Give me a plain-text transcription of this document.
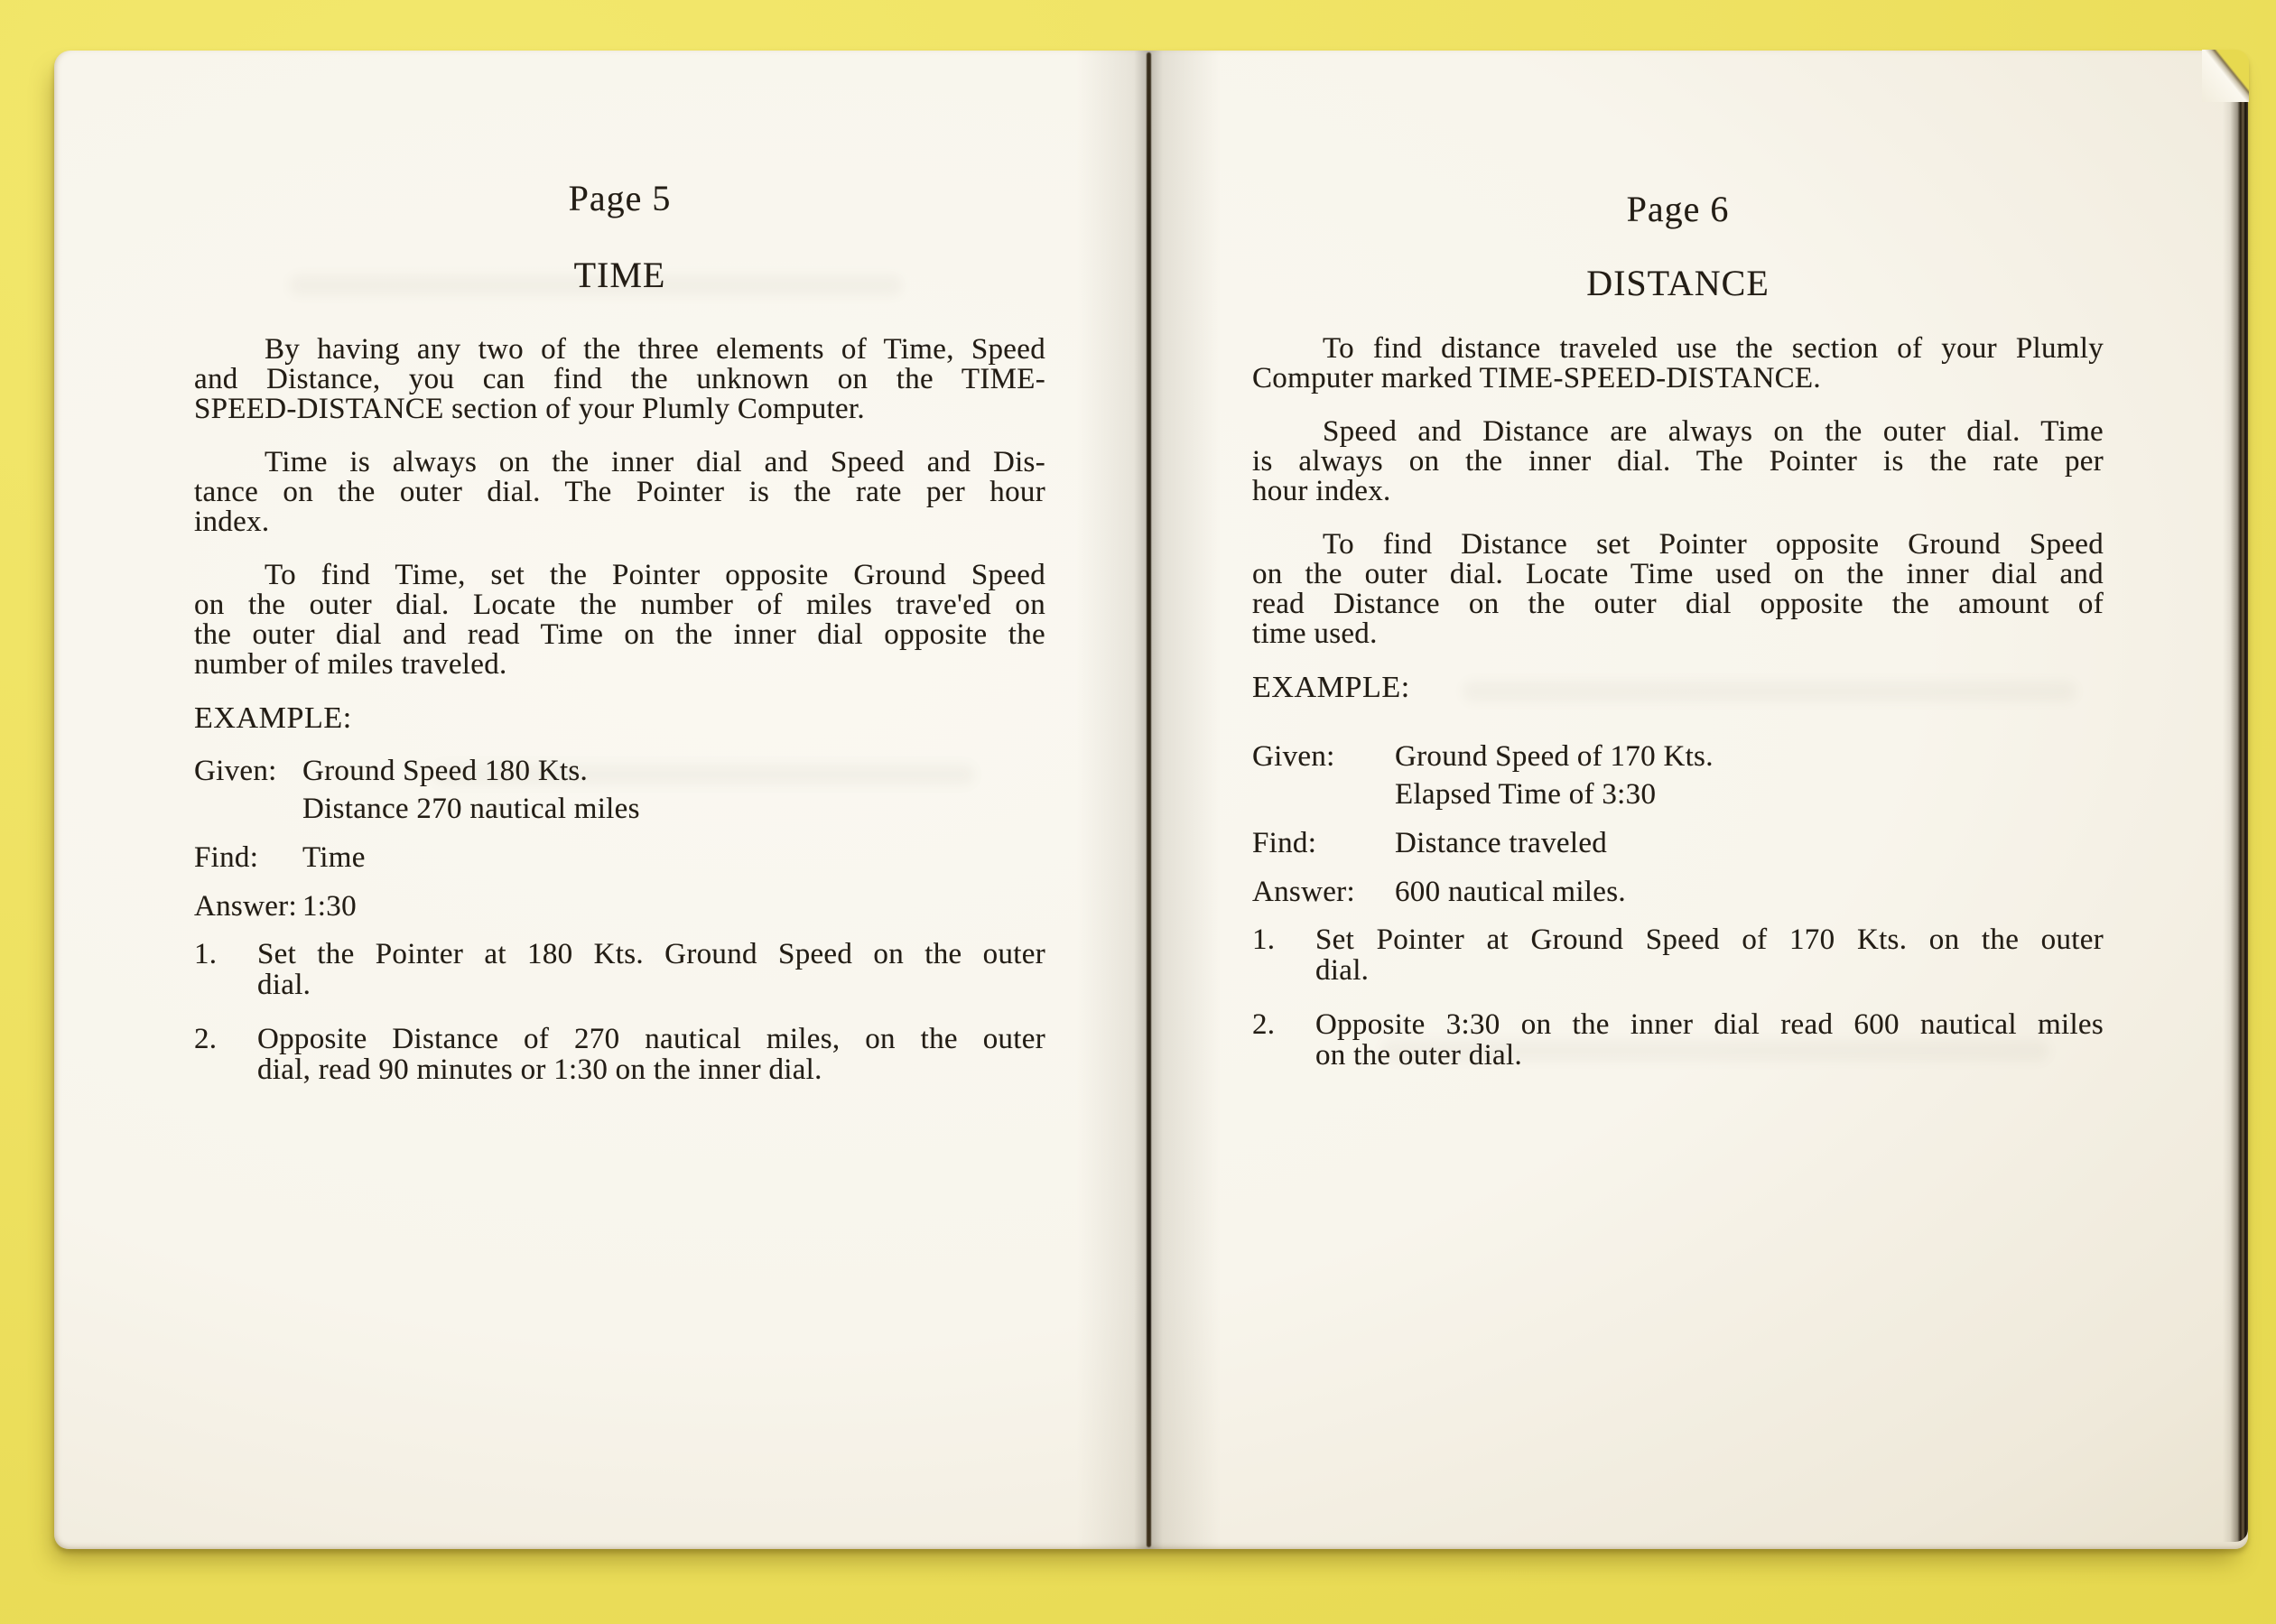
Page 5
TIME

By having any two of the three elements of Time, Speed
and Distance, you can find the unknown on the TIME-
SPEED-DISTANCE section of your Plumly Computer.

Time is always on the inner dial and Speed and Dis-
tance on the outer dial. The Pointer is the rate per hour
index.

To find Time, set the Pointer opposite Ground Speed
on the outer dial. Locate the number of miles trave'ed on
the outer dial and read Time on the inner dial opposite the
number of miles traveled.

EXAMPLE:
Given: Ground Speed 180 Kts.
Distance 270 nautical miles
Find:	Time
Answer: 1:30
1.	Set the Pointer at 180 Kts. Ground Speed on the outer
dial.
2.	Opposite Distance of 270 nautical miles, on the outer
dial, read 90 minutes or 1:30 on the inner dial.
Page 6
DISTANCE

To find distance traveled use the section of your Plumly
Computer marked TIME-SPEED-DISTANCE.

Speed and Distance are always on the outer dial. Time
is always on the inner dial. The Pointer is the rate per
hour index.

To find Distance set Pointer opposite Ground Speed
on the outer dial. Locate Time used on the inner dial and
read Distance on the outer dial opposite the amount of
time used.

EXAMPLE:
Given:	Ground Speed of 170 Kts.
Elapsed Time of 3:30
Find:	Distance traveled
Answer:	600 nautical miles.
1.	Set Pointer at Ground Speed of 170 Kts. on the outer
dial.
2.	Opposite 3:30 on the inner dial read 600 nautical miles
on the outer dial.
